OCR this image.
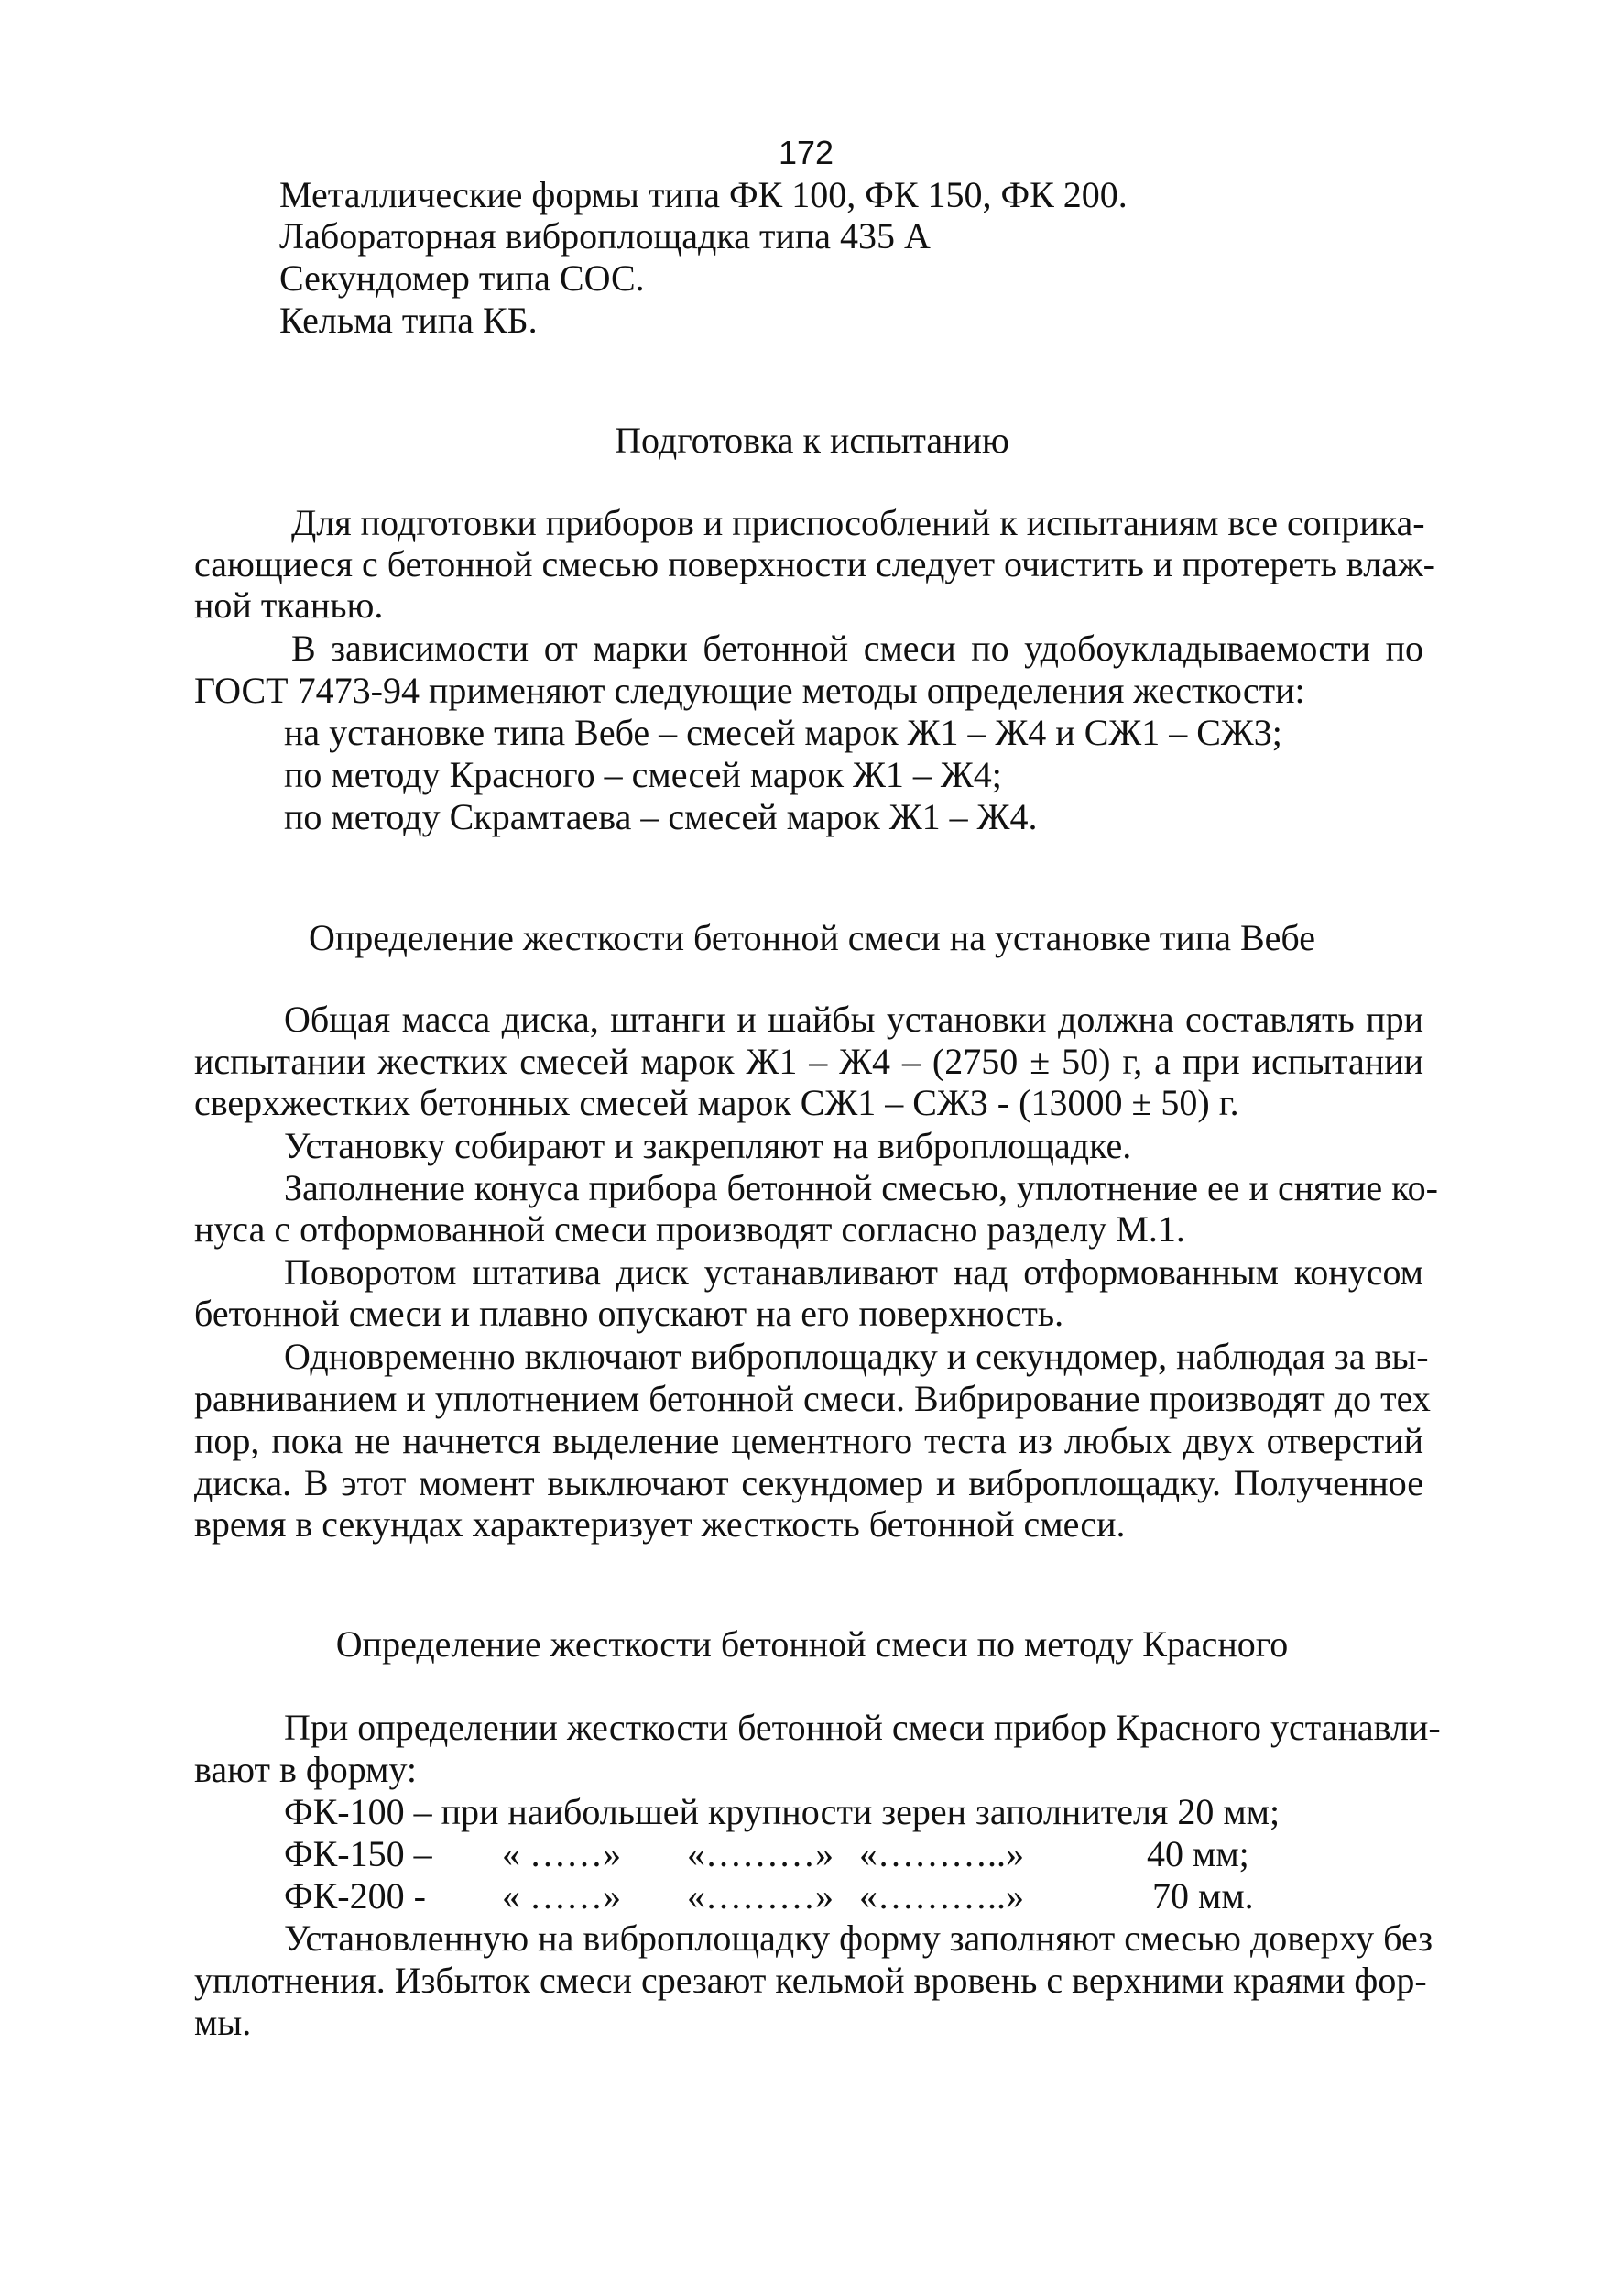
172
Металлические формы типа ФК 100, ФК 150, ФК 200.
Лабораторная виброплощадка типа 435 А
Секундомер типа СОС.
Кельма типа КБ.
Подготовка к испытанию
Для подготовки приборов и приспособлений к испытаниям все соприка-
сающиеся с бетонной смесью поверхности следует очистить и протереть влаж-
ной тканью.
В зависимости от марки бетонной смеси по удобоукладываемости по
ГОСТ 7473-94 применяют следующие методы определения жесткости:
на установке типа Вебе – смесей марок Ж1 – Ж4 и СЖ1 – СЖ3;
по методу Красного – смесей марок Ж1 – Ж4;
по методу Скрамтаева – смесей марок Ж1 – Ж4.
Определение жесткости бетонной смеси на установке типа Вебе
Общая масса диска, штанги и шайбы установки должна составлять при
испытании жестких смесей марок Ж1 – Ж4 – (2750 ± 50) г, а при испытании
сверхжестких бетонных смесей марок СЖ1 – СЖ3 - (13000 ± 50) г.
Установку собирают и закрепляют на виброплощадке.
Заполнение конуса прибора бетонной смесью, уплотнение ее и снятие ко-
нуса с отформованной смеси производят согласно разделу М.1.
Поворотом штатива диск устанавливают над отформованным конусом
бетонной смеси и плавно опускают на его поверхность.
Одновременно включают виброплощадку и секундомер, наблюдая за вы-
равниванием и уплотнением бетонной смеси. Вибрирование производят до тех
пор, пока не начнется выделение цементного теста из любых двух отверстий
диска. В этот момент выключают секундомер и виброплощадку. Полученное
время в секундах характеризует жесткость бетонной смеси.
Определение жесткости бетонной смеси по методу Красного
При определении жесткости бетонной смеси прибор Красного устанавли-
вают в форму:
ФК-100 – при наибольшей крупности зерен заполнителя 20 мм;
ФК-150 – « ……» «………» «………..»	40 мм;
ФК-200 - « ……» «………» «………..»	70 мм.
Установленную на виброплощадку форму заполняют смесью доверху без
уплотнения. Избыток смеси срезают кельмой вровень с верхними краями фор-
мы.
